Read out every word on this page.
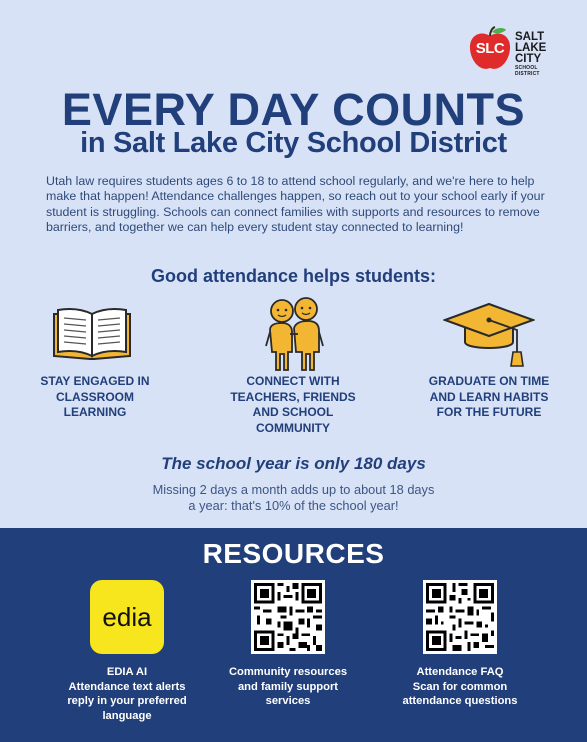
SLC
SALT
LAKE
CITY
SCHOOL DISTRICT
EVERY DAY COUNTS
in Salt Lake City School District
Utah law requires students ages 6 to 18 to attend school regularly, and we're here to help make that happen! Attendance challenges happen, so reach out to your school early if your student is struggling. Schools can connect families with supports and resources to remove barriers, and together we can help every student stay connected to learning!
Good attendance helps students:
STAY ENGAGED IN CLASSROOM LEARNING
CONNECT WITH TEACHERS, FRIENDS AND SCHOOL COMMUNITY
GRADUATE ON TIME AND LEARN HABITS FOR THE FUTURE
The school year is only 180 days
Missing 2 days a month adds up to about 18 days
a year: that's 10% of the school year!
RESOURCES
edia
EDIA AI
Attendance text alerts
reply in your preferred
language
Community resources
and family support
services
Attendance FAQ
Scan for common
attendance questions
